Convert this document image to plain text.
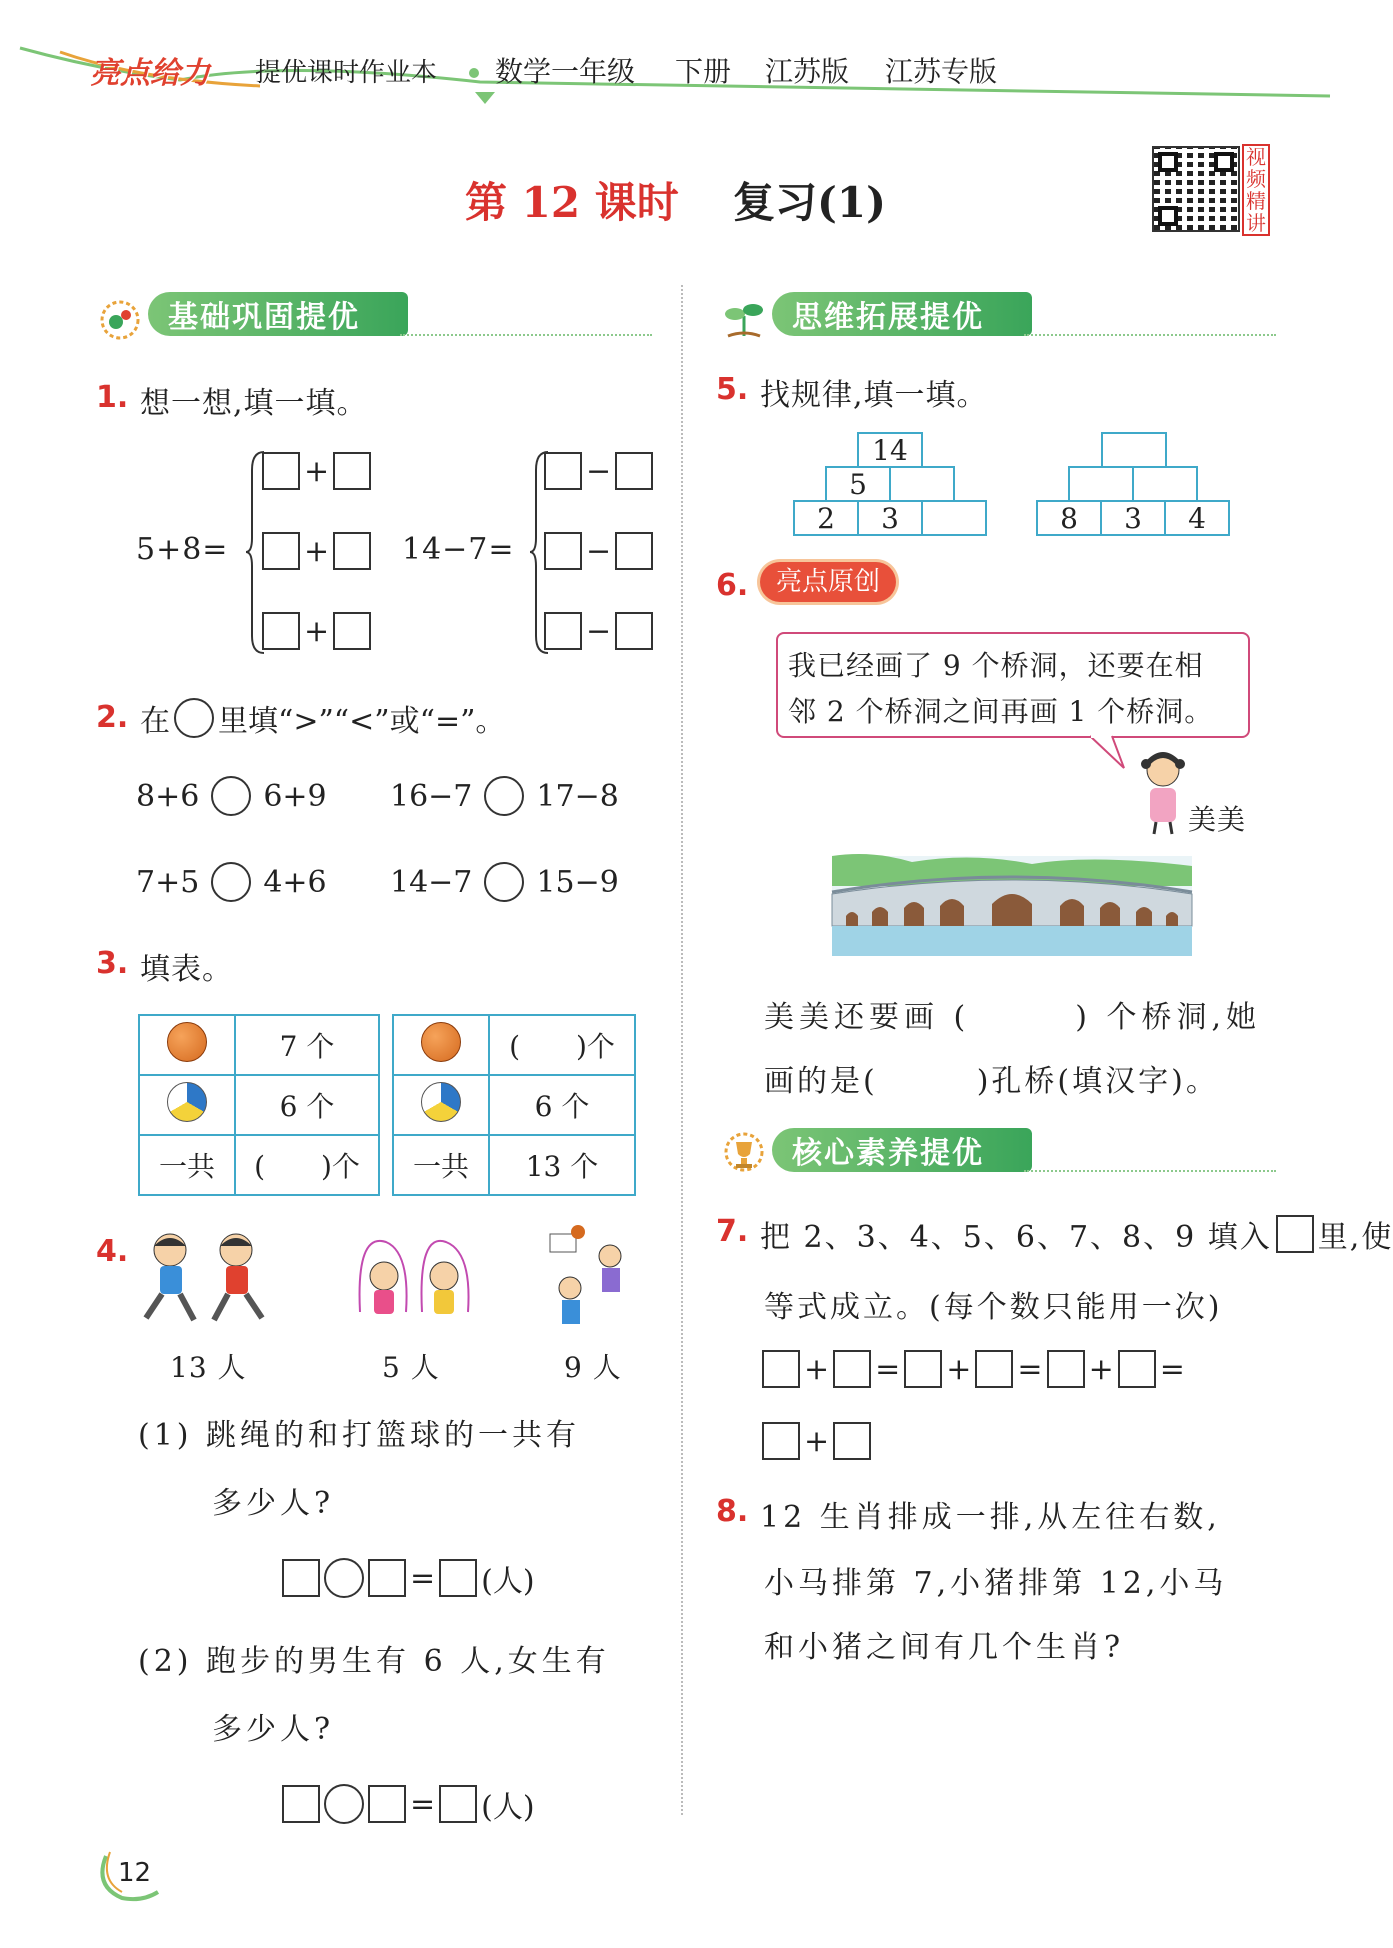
亮点给力 提优课时作业本 数学一年级 下册 江苏版 江苏专版
第 12 课时 复习(1)
视频精讲
基础巩固提优
1. 想一想,填一填。
5+8=
+
+
+
14−7=
−
−
−
2. 在 里填“>”“<”或“=”。
8+6 6+9 16−7 17−8
7+5 4+6 14−7 15−9
3. 填表。
	7 个
	6 个
一共	(　　)个
	(　　)个
	6 个
一共	13 个
4.
13 人	5 人	9 人
(1) 跳绳的和打篮球的一共有
多少人?
= (人)
(2) 跑步的男生有 6 人,女生有
多少人?
= (人)
思维拓展提优
5. 找规律,填一填。
14
5
2	3	8	3	4
6.	亮点原创
我已经画了 9 个桥洞，还要在相
邻 2 个桥洞之间再画 1 个桥洞。
美美
美美还要画 (　　　) 个桥洞,她
画的是(　　　)孔桥(填汉字)。
核心素养提优
7. 把 2、3、4、5、6、7、8、9 填入 里,使
等式成立。(每个数只能用一次)
+ = + = + =
+
8. 12 生肖排成一排,从左往右数,
小马排第 7,小猪排第 12,小马
和小猪之间有几个生肖?
12
